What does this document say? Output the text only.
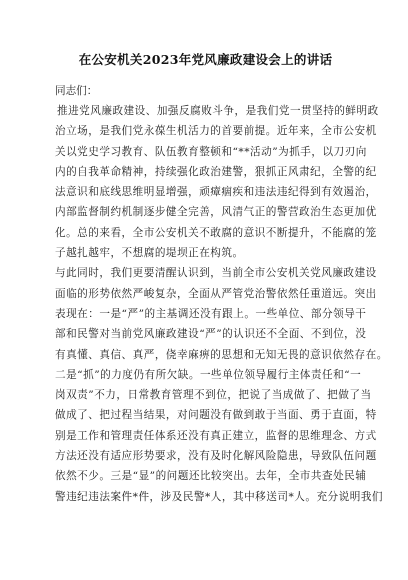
在公安机关2023年党风廉政建设会上的讲话

同志们：

推进党风廉政建设、加强反腐败斗争，是我们党一贯坚持的鲜明政
治立场，是我们党永葆生机活力的首要前提。近年来，全市公安机
关以党史学习教育、队伍教育整顿和“**活动”为抓手，以刀刃向
内的自我革命精神，持续强化政治建警，狠抓正风肃纪，全警的纪
法意识和底线思维明显增强，顽瘴痼疾和违法违纪得到有效遏治，
内部监督制约机制逐步健全完善，风清气正的警营政治生态更加优
化。总的来看，全市公安机关不敢腐的意识不断提升，不能腐的笼
子越扎越牢，不想腐的堤坝正在构筑。
与此同时，我们更要清醒认识到，当前全市公安机关党风廉政建设
面临的形势依然严峻复杂，全面从严管党治警依然任重道远。突出
表现在：一是“严”的主基调还没有跟上。一些单位、部分领导干
部和民警对当前党风廉政建设“严”的认识还不全面、不到位，没
有真懂、真信、真严，侥幸麻痹的思想和无知无畏的意识依然存在。
二是“抓”的力度仍有所欠缺。一些单位领导履行主体责任和“一
岗双责”不力，日常教育管理不到位，把说了当成做了、把做了当
做成了、把过程当结果，对问题没有做到敢于当面、勇于直面，特
别是工作和管理责任体系还没有真正建立，监督的思维理念、方式
方法还没有适应形势要求，没有及时化解风险隐患，导致队伍问题
依然不少。三是“显”的问题还比较突出。去年，全市共查处民辅
警违纪违法案件*件，涉及民警*人，其中移送司*人。充分说明我们
